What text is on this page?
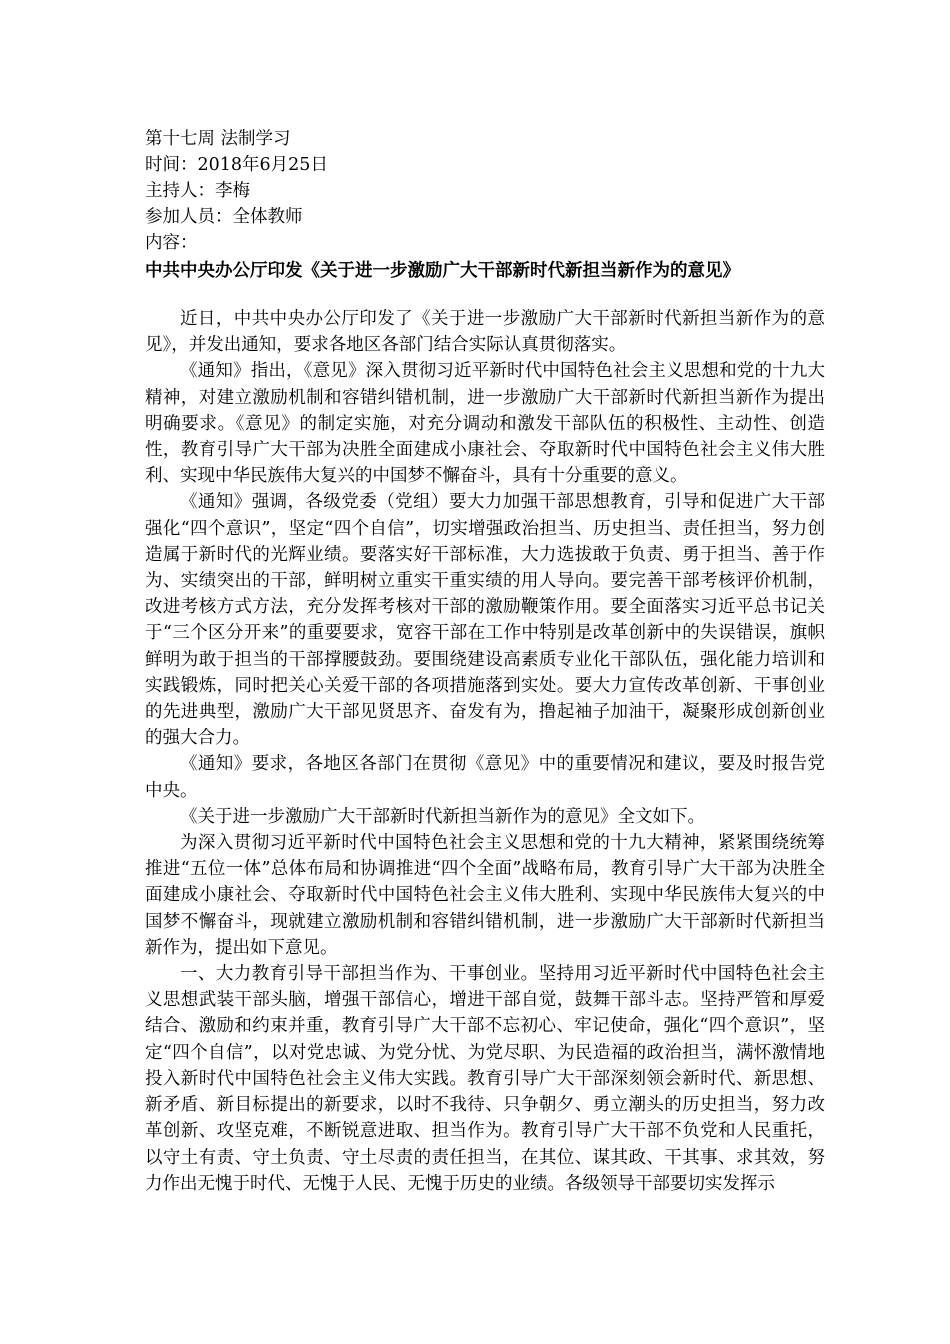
第十七周 法制学习
时间：2018年6月25日
主持人：李梅
参加人员：全体教师
内容：
中共中央办公厅印发《关于进一步激励广大干部新时代新担当新作为的意见》

近日，中共中央办公厅印发了《关于进一步激励广大干部新时代新担当新作为的意见》，并发出通知，要求各地区各部门结合实际认真贯彻落实。

《通知》指出，《意见》深入贯彻习近平新时代中国特色社会主义思想和党的十九大精神，对建立激励机制和容错纠错机制，进一步激励广大干部新时代新担当新作为提出明确要求。《意见》的制定实施，对充分调动和激发干部队伍的积极性、主动性、创造性，教育引导广大干部为决胜全面建成小康社会、夺取新时代中国特色社会主义伟大胜利、实现中华民族伟大复兴的中国梦不懈奋斗，具有十分重要的意义。

《通知》强调，各级党委（党组）要大力加强干部思想教育，引导和促进广大干部强化“四个意识”，坚定“四个自信”，切实增强政治担当、历史担当、责任担当，努力创造属于新时代的光辉业绩。要落实好干部标准，大力选拔敢于负责、勇于担当、善于作为、实绩突出的干部，鲜明树立重实干重实绩的用人导向。要完善干部考核评价机制，改进考核方式方法，充分发挥考核对干部的激励鞭策作用。要全面落实习近平总书记关于“三个区分开来”的重要要求，宽容干部在工作中特别是改革创新中的失误错误，旗帜鲜明为敢于担当的干部撑腰鼓劲。要围绕建设高素质专业化干部队伍，强化能力培训和实践锻炼，同时把关心关爱干部的各项措施落到实处。要大力宣传改革创新、干事创业的先进典型，激励广大干部见贤思齐、奋发有为，撸起袖子加油干，凝聚形成创新创业的强大合力。

《通知》要求，各地区各部门在贯彻《意见》中的重要情况和建议，要及时报告党中央。

《关于进一步激励广大干部新时代新担当新作为的意见》全文如下。

为深入贯彻习近平新时代中国特色社会主义思想和党的十九大精神，紧紧围绕统筹推进“五位一体”总体布局和协调推进“四个全面”战略布局，教育引导广大干部为决胜全面建成小康社会、夺取新时代中国特色社会主义伟大胜利、实现中华民族伟大复兴的中国梦不懈奋斗，现就建立激励机制和容错纠错机制，进一步激励广大干部新时代新担当新作为，提出如下意见。

一、大力教育引导干部担当作为、干事创业。坚持用习近平新时代中国特色社会主义思想武装干部头脑，增强干部信心，增进干部自觉，鼓舞干部斗志。坚持严管和厚爱结合、激励和约束并重，教育引导广大干部不忘初心、牢记使命，强化“四个意识”，坚定“四个自信”，以对党忠诚、为党分忧、为党尽职、为民造福的政治担当，满怀激情地投入新时代中国特色社会主义伟大实践。教育引导广大干部深刻领会新时代、新思想、新矛盾、新目标提出的新要求，以时不我待、只争朝夕、勇立潮头的历史担当，努力改革创新、攻坚克难，不断锐意进取、担当作为。教育引导广大干部不负党和人民重托，以守土有责、守土负责、守土尽责的责任担当，在其位、谋其政、干其事、求其效，努力作出无愧于时代、无愧于人民、无愧于历史的业绩。各级领导干部要切实发挥示
